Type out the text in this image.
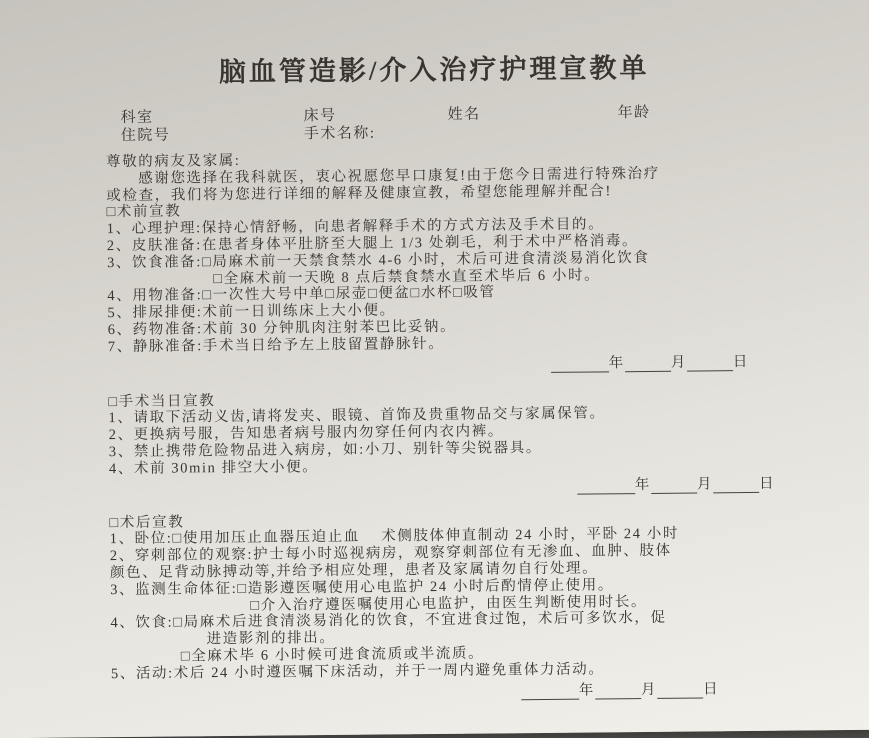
脑血管造影/介入治疗护理宣教单
科室	床号	姓名	年龄
住院号	手术名称:
尊敬的病友及家属:
感谢您选择在我科就医，衷心祝愿您早口康复!由于您今日需进行特殊治疗
或检查，我们将为您进行详细的解释及健康宣教，希望您能理解并配合!
□术前宣教
1、心理护理:保持心情舒畅，向患者解释手术的方式方法及手术目的。
2、皮肤准备:在患者身体平肚脐至大腿上 1/3 处剃毛，利于术中严格消毒。
3、饮食准备:□局麻术前一天禁食禁水 4-6 小时，术后可进食清淡易消化饮食
□全麻术前一天晚 8 点后禁食禁水直至术毕后 6 小时。
4、用物准备:□一次性大号中单□尿壶□便盆□水杯□吸管
5、排尿排便:术前一日训练床上大小便。
6、药物准备:术前 30 分钟肌肉注射苯巴比妥钠。
7、静脉准备:手术当日给予左上肢留置静脉针。
年	月	日
□手术当日宣教
1、请取下活动义齿,请将发夹、眼镜、首饰及贵重物品交与家属保管。
2、更换病号服，告知患者病号服内勿穿任何内衣内裤。
3、禁止携带危险物品进入病房，如:小刀、别针等尖锐器具。
4、术前 30min 排空大小便。
年	月	日
□术后宣教
1、卧位:□使用加压止血器压迫止血　 术侧肢体伸直制动 24 小时，平卧 24 小时
2、穿刺部位的观察:护士每小时巡视病房，观察穿刺部位有无渗血、血肿、肢体
颜色、足背动脉搏动等,并给予相应处理，患者及家属请勿自行处理。
3、监测生命体征:□造影遵医嘱使用心电监护 24 小时后酌情停止使用。
□介入治疗遵医嘱使用心电监护，由医生判断使用时长。
4、饮食:□局麻术后进食清淡易消化的饮食，不宜进食过饱，术后可多饮水，促
进造影剂的排出。
□全麻术毕 6 小时候可进食流质或半流质。
5、活动:术后 24 小时遵医嘱下床活动，并于一周内避免重体力活动。
年	月	日
